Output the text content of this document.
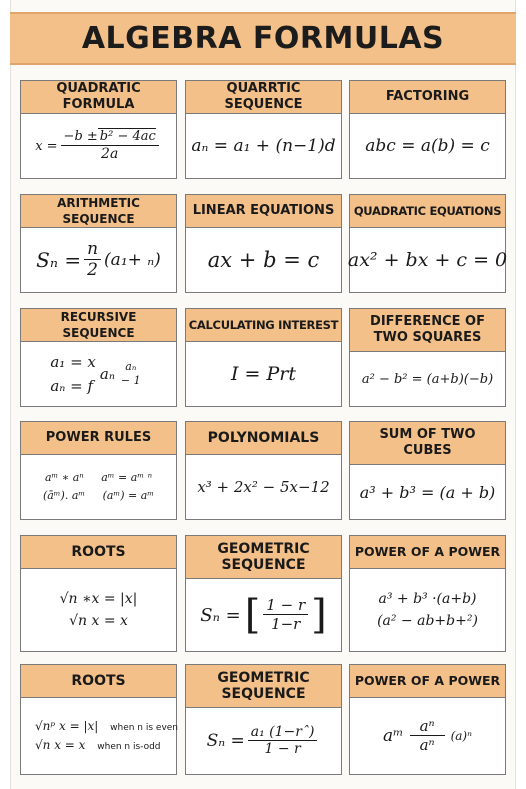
ALGEBRA FORMULAS
QUADRATIC FORMULA
$x = \frac{\text{−b ± b² − 4ac}}{2a}$
QUARRTIC SEQUENCE
aₙ = a₁ + (n−1)d
FACTORING
abc = a(b) = c
ARITHMETIC SEQUENCE
$S_n = \frac{n}{2} (a_1+ _n)$
LINEAR EQUATIONS
ax + b = c
QUADRATIC EQUATIONS
ax² + bx + c = 0
RECURSIVE SEQUENCE
a₁ = x
aₙ = f
aₙ aₙ
− 1
CALCULATING INTEREST
I = Prt
DIFFERENCE OF TWO SQUARES
a² − b² = (a+b)(−b)
POWER RULES
aᵐ ∗ aⁿ aᵐ = aᵐ ⁿ
(āᵐ). aᵐ (aᵐ) = aᵐ
POLYNOMIALS
x³ + 2x² − 5x−12
SUM OF TWO CUBES
a³ + b³ = (a + b)
ROOTS
√n ∗x = |x|
√n x = x
GEOMETRIC SEQUENCE
Sₙ = [ $\frac{1 - r}{1-r}$ ]
POWER OF A POWER
a³ + b³ ·(a+b)
(a² − ab+b+²)
ROOTS
√nᵖ x = |x| when n is even
√n x = x when n is-odd
GEOMETRIC SEQUENCE
$S_n = \frac{\text{a₁ (1−rˆ)}}{1 - r}$
POWER OF A POWER
aᵐ $\frac{\text{aⁿ}}{\text{aⁿ}} (a)^n$
